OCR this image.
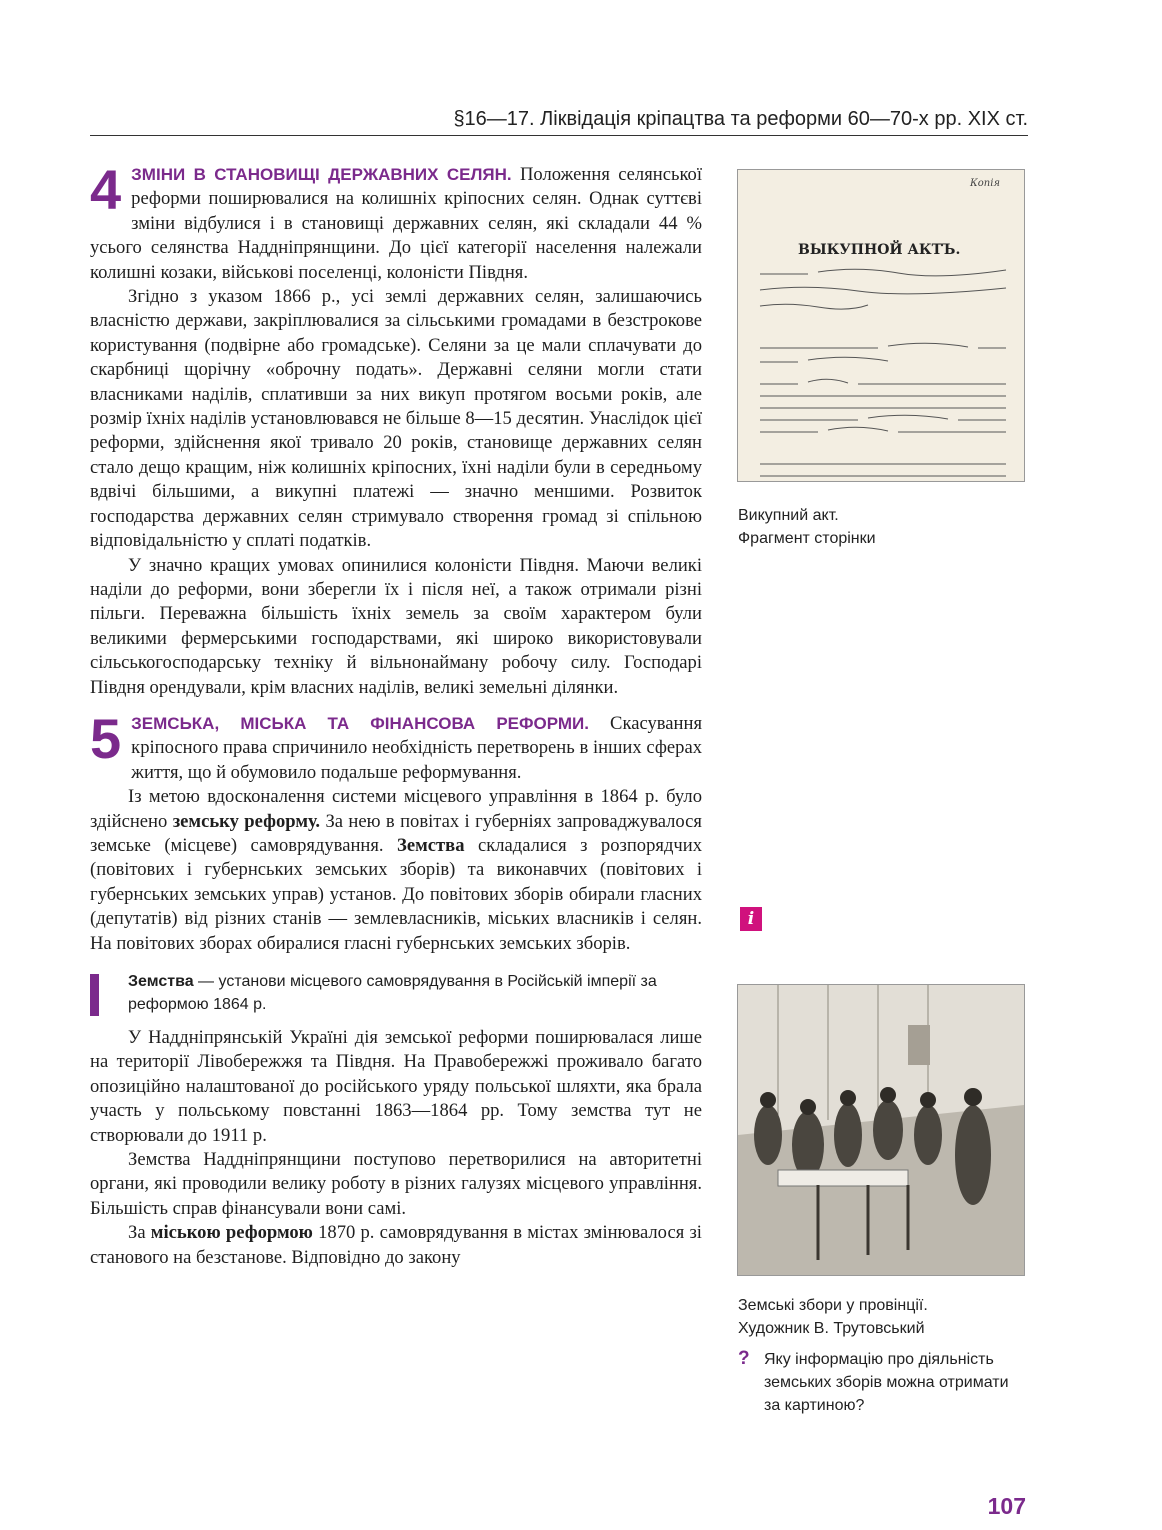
§16—17. Ліквідація кріпацтва та реформи 60—70-х рр. XIX ст.
4 ЗМІНИ В СТАНОВИЩІ ДЕРЖАВНИХ СЕЛЯН. Положення селянської реформи поширювалися на колишніх кріпосних селян. Однак суттєві зміни відбулися і в становищі державних селян, які складали 44 % усього селянства Наддніпрянщини. До цієї категорії населення належали колишні козаки, військові поселенці, колоністи Півдня.

Згідно з указом 1866 р., усі землі державних селян, залишаючись власністю держави, закріплювалися за сільськими громадами в безстрокове користування (подвірне або громадське). Селяни за це мали сплачувати до скарбниці щорічну «оброчну подать». Державні селяни могли стати власниками наділів, сплативши за них викуп протягом восьми років, але розмір їхніх наділів установлювався не більше 8—15 десятин. Унаслідок цієї реформи, здійснення якої тривало 20 років, становище державних селян стало дещо кращим, ніж колишніх кріпосних, їхні наділи були в середньому вдвічі більшими, а викупні платежі — значно меншими. Розвиток господарства державних селян стримувало створення громад зі спільною відповідальністю у сплаті податків.

У значно кращих умовах опинилися колоністи Півдня. Маючи великі наділи до реформи, вони зберегли їх і після неї, а також отримали різні пільги. Переважна більшість їхніх земель за своїм характером були великими фермерськими господарствами, які широко використовували сільськогосподарську техніку й вільнонайману робочу силу. Господарі Півдня орендували, крім власних наділів, великі земельні ділянки.

5 ЗЕМСЬКА, МІСЬКА ТА ФІНАНСОВА РЕФОРМИ. Скасування кріпосного права спричинило необхідність перетворень в інших сферах життя, що й обумовило подальше реформування.

Із метою вдосконалення системи місцевого управління в 1864 р. було здійснено земську реформу. За нею в повітах і губерніях запроваджувалося земське (місцеве) самоврядування. Земства складалися з розпорядчих (повітових і губернських земських зборів) та виконавчих (повітових і губернських земських управ) установ. До повітових зборів обирали гласних (депутатів) від різних станів — землевласників, міських власників і селян. На повітових зборах обиралися гласні губернських земських зборів.

Земства — установи місцевого самоврядування в Російській імперії за реформою 1864 р.

У Наддніпрянській Україні дія земської реформи поширювалася лише на території Лівобережжя та Півдня. На Правобережжі проживало багато опозиційно налаштованої до російського уряду польської шляхти, яка брала участь у польському повстанні 1863—1864 рр. Тому земства тут не створювали до 1911 р.

Земства Наддніпрянщини поступово перетворилися на авторитетні органи, які проводили велику роботу в різних галузях місцевого управління. Більшість справ фінансували вони самі.

За міською реформою 1870 р. самоврядування в містах змінювалося зі станового на безстанове. Відповідно до закону

Копія
ВЫКУПНОЙ АКТЪ.
Викупний акт.
Фрагмент сторінки
i
Земські збори у провінції.
Художник В. Трутовський
? Яку інформацію про діяльність земських зборів можна отримати за картиною?
107
